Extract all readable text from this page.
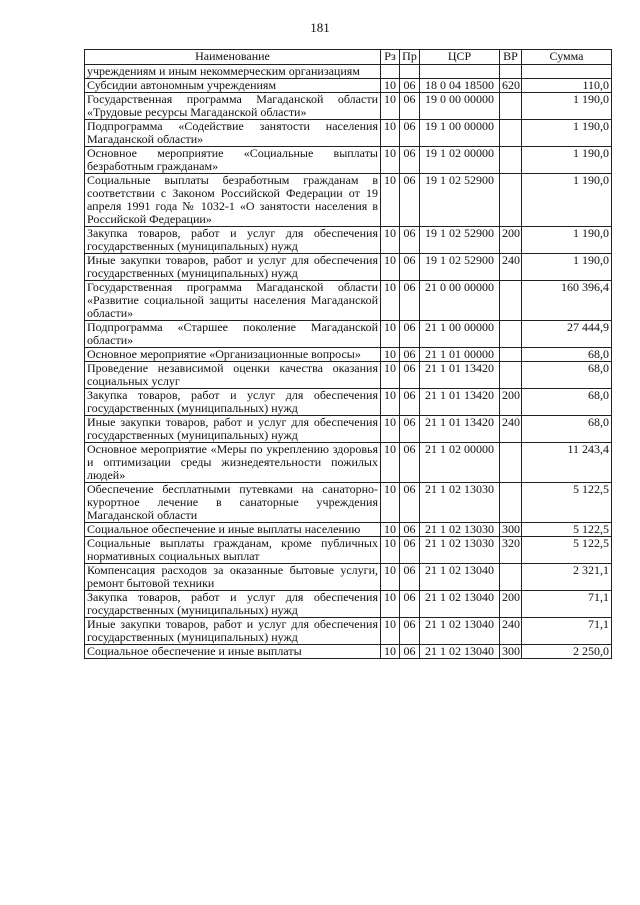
181
Наименование	Рз	Пр	ЦСР	ВР	Сумма
учреждениям и иным некоммерческим организациям					
Субсидии автономным учреждениям	10	06	18 0 04 18500	620	110,0
Государственная программа Магаданской области «Трудовые ресурсы Магаданской области»	10	06	19 0 00 00000		1 190,0
Подпрограмма «Содействие занятости населения Магаданской области»	10	06	19 1 00 00000		1 190,0
Основное мероприятие «Социальные выплаты безработным гражданам»	10	06	19 1 02 00000		1 190,0
Социальные выплаты безработным гражданам в соответствии с Законом Российской Федерации от 19 апреля 1991 года № 1032-1 «О занятости населения в Российской Федерации»	10	06	19 1 02 52900		1 190,0
Закупка товаров, работ и услуг для обеспечения государственных (муниципальных) нужд	10	06	19 1 02 52900	200	1 190,0
Иные закупки товаров, работ и услуг для обеспечения государственных (муниципальных) нужд	10	06	19 1 02 52900	240	1 190,0
Государственная программа Магаданской области «Развитие социальной защиты населения Магаданской области»	10	06	21 0 00 00000		160 396,4
Подпрограмма «Старшее поколение Магаданской области»	10	06	21 1 00 00000		27 444,9
Основное мероприятие «Организационные вопросы»	10	06	21 1 01 00000		68,0
Проведение независимой оценки качества оказания социальных услуг	10	06	21 1 01 13420		68,0
Закупка товаров, работ и услуг для обеспечения государственных (муниципальных) нужд	10	06	21 1 01 13420	200	68,0
Иные закупки товаров, работ и услуг для обеспечения государственных (муниципальных) нужд	10	06	21 1 01 13420	240	68,0
Основное мероприятие «Меры по укреплению здоровья и оптимизации среды жизнедеятельности пожилых людей»	10	06	21 1 02 00000		11 243,4
Обеспечение бесплатными путевками на санаторно-курортное лечение в санаторные учреждения Магаданской области	10	06	21 1 02 13030		5 122,5
Социальное обеспечение и иные выплаты населению	10	06	21 1 02 13030	300	5 122,5
Социальные выплаты гражданам, кроме публичных нормативных социальных выплат	10	06	21 1 02 13030	320	5 122,5
Компенсация расходов за оказанные бытовые услуги, ремонт бытовой техники	10	06	21 1 02 13040		2 321,1
Закупка товаров, работ и услуг для обеспечения государственных (муниципальных) нужд	10	06	21 1 02 13040	200	71,1
Иные закупки товаров, работ и услуг для обеспечения государственных (муниципальных) нужд	10	06	21 1 02 13040	240	71,1
Социальное обеспечение и иные выплаты	10	06	21 1 02 13040	300	2 250,0
